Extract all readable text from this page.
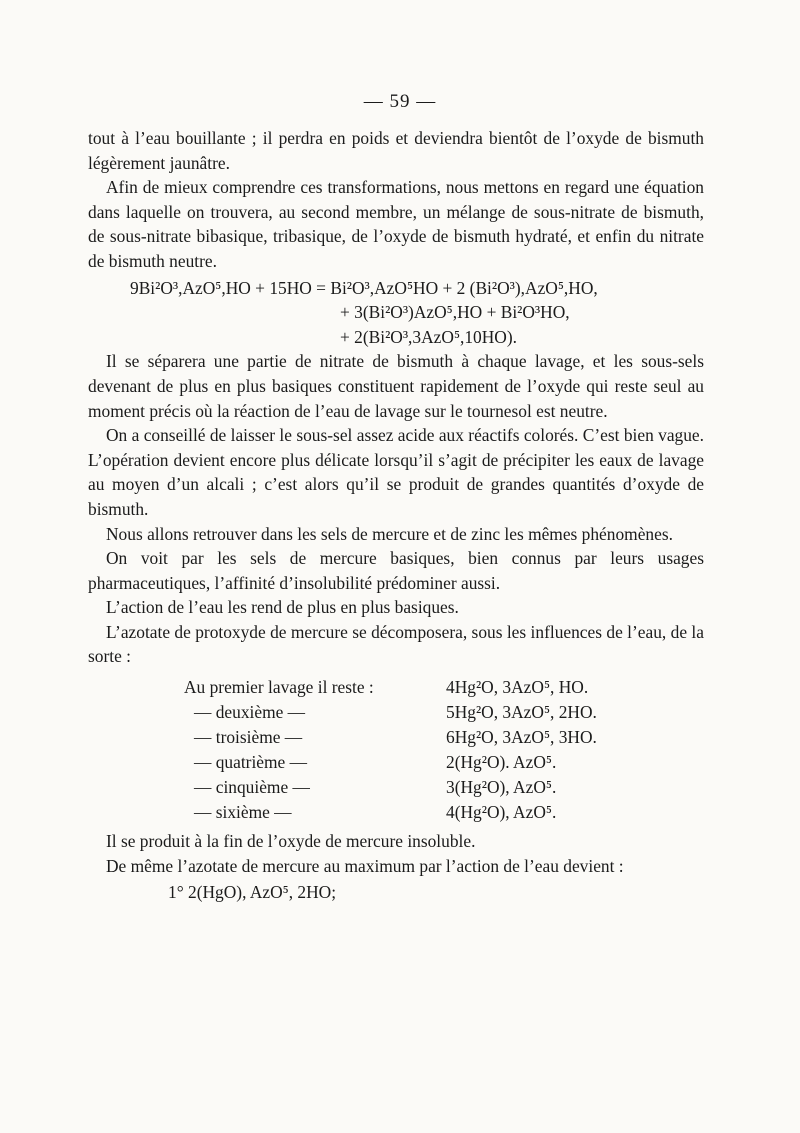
— 59 —

tout à l’eau bouillante ; il perdra en poids et deviendra bientôt de l’oxyde de bismuth légèrement jaunâtre.

Afin de mieux comprendre ces transformations, nous mettons en regard une équation dans laquelle on trouvera, au second membre, un mélange de sous-nitrate de bismuth, de sous-nitrate bibasique, tribasique, de l’oxyde de bismuth hydraté, et enfin du nitrate de bismuth neutre.

9Bi²O³,AzO⁵,HO + 15HO = Bi²O³,AzO⁵HO + 2 (Bi²O³),AzO⁵,HO,
+ 3(Bi²O³)AzO⁵,HO + Bi²O³HO,
+ 2(Bi²O³,3AzO⁵,10HO).

Il se séparera une partie de nitrate de bismuth à chaque lavage, et les sous-sels devenant de plus en plus basiques constituent rapidement de l’oxyde qui reste seul au moment précis où la réaction de l’eau de lavage sur le tournesol est neutre.

On a conseillé de laisser le sous-sel assez acide aux réactifs colorés. C’est bien vague. L’opération devient encore plus délicate lorsqu’il s’agit de précipiter les eaux de lavage au moyen d’un alcali ; c’est alors qu’il se produit de grandes quantités d’oxyde de bismuth.

Nous allons retrouver dans les sels de mercure et de zinc les mêmes phénomènes.

On voit par les sels de mercure basiques, bien connus par leurs usages pharmaceutiques, l’affinité d’insolubilité prédominer aussi.

L’action de l’eau les rend de plus en plus basiques.

L’azotate de protoxyde de mercure se décomposera, sous les influences de l’eau, de la sorte :

Au premier lavage il reste :	4Hg²O, 3AzO⁵, HO.
— deuxième —	5Hg²O, 3AzO⁵, 2HO.
— troisième —	6Hg²O, 3AzO⁵, 3HO.
— quatrième —	2(Hg²O). AzO⁵.
— cinquième —	3(Hg²O), AzO⁵.
— sixième —	4(Hg²O), AzO⁵.

Il se produit à la fin de l’oxyde de mercure insoluble.

De même l’azotate de mercure au maximum par l’action de l’eau devient :

1° 2(HgO), AzO⁵, 2HO;
